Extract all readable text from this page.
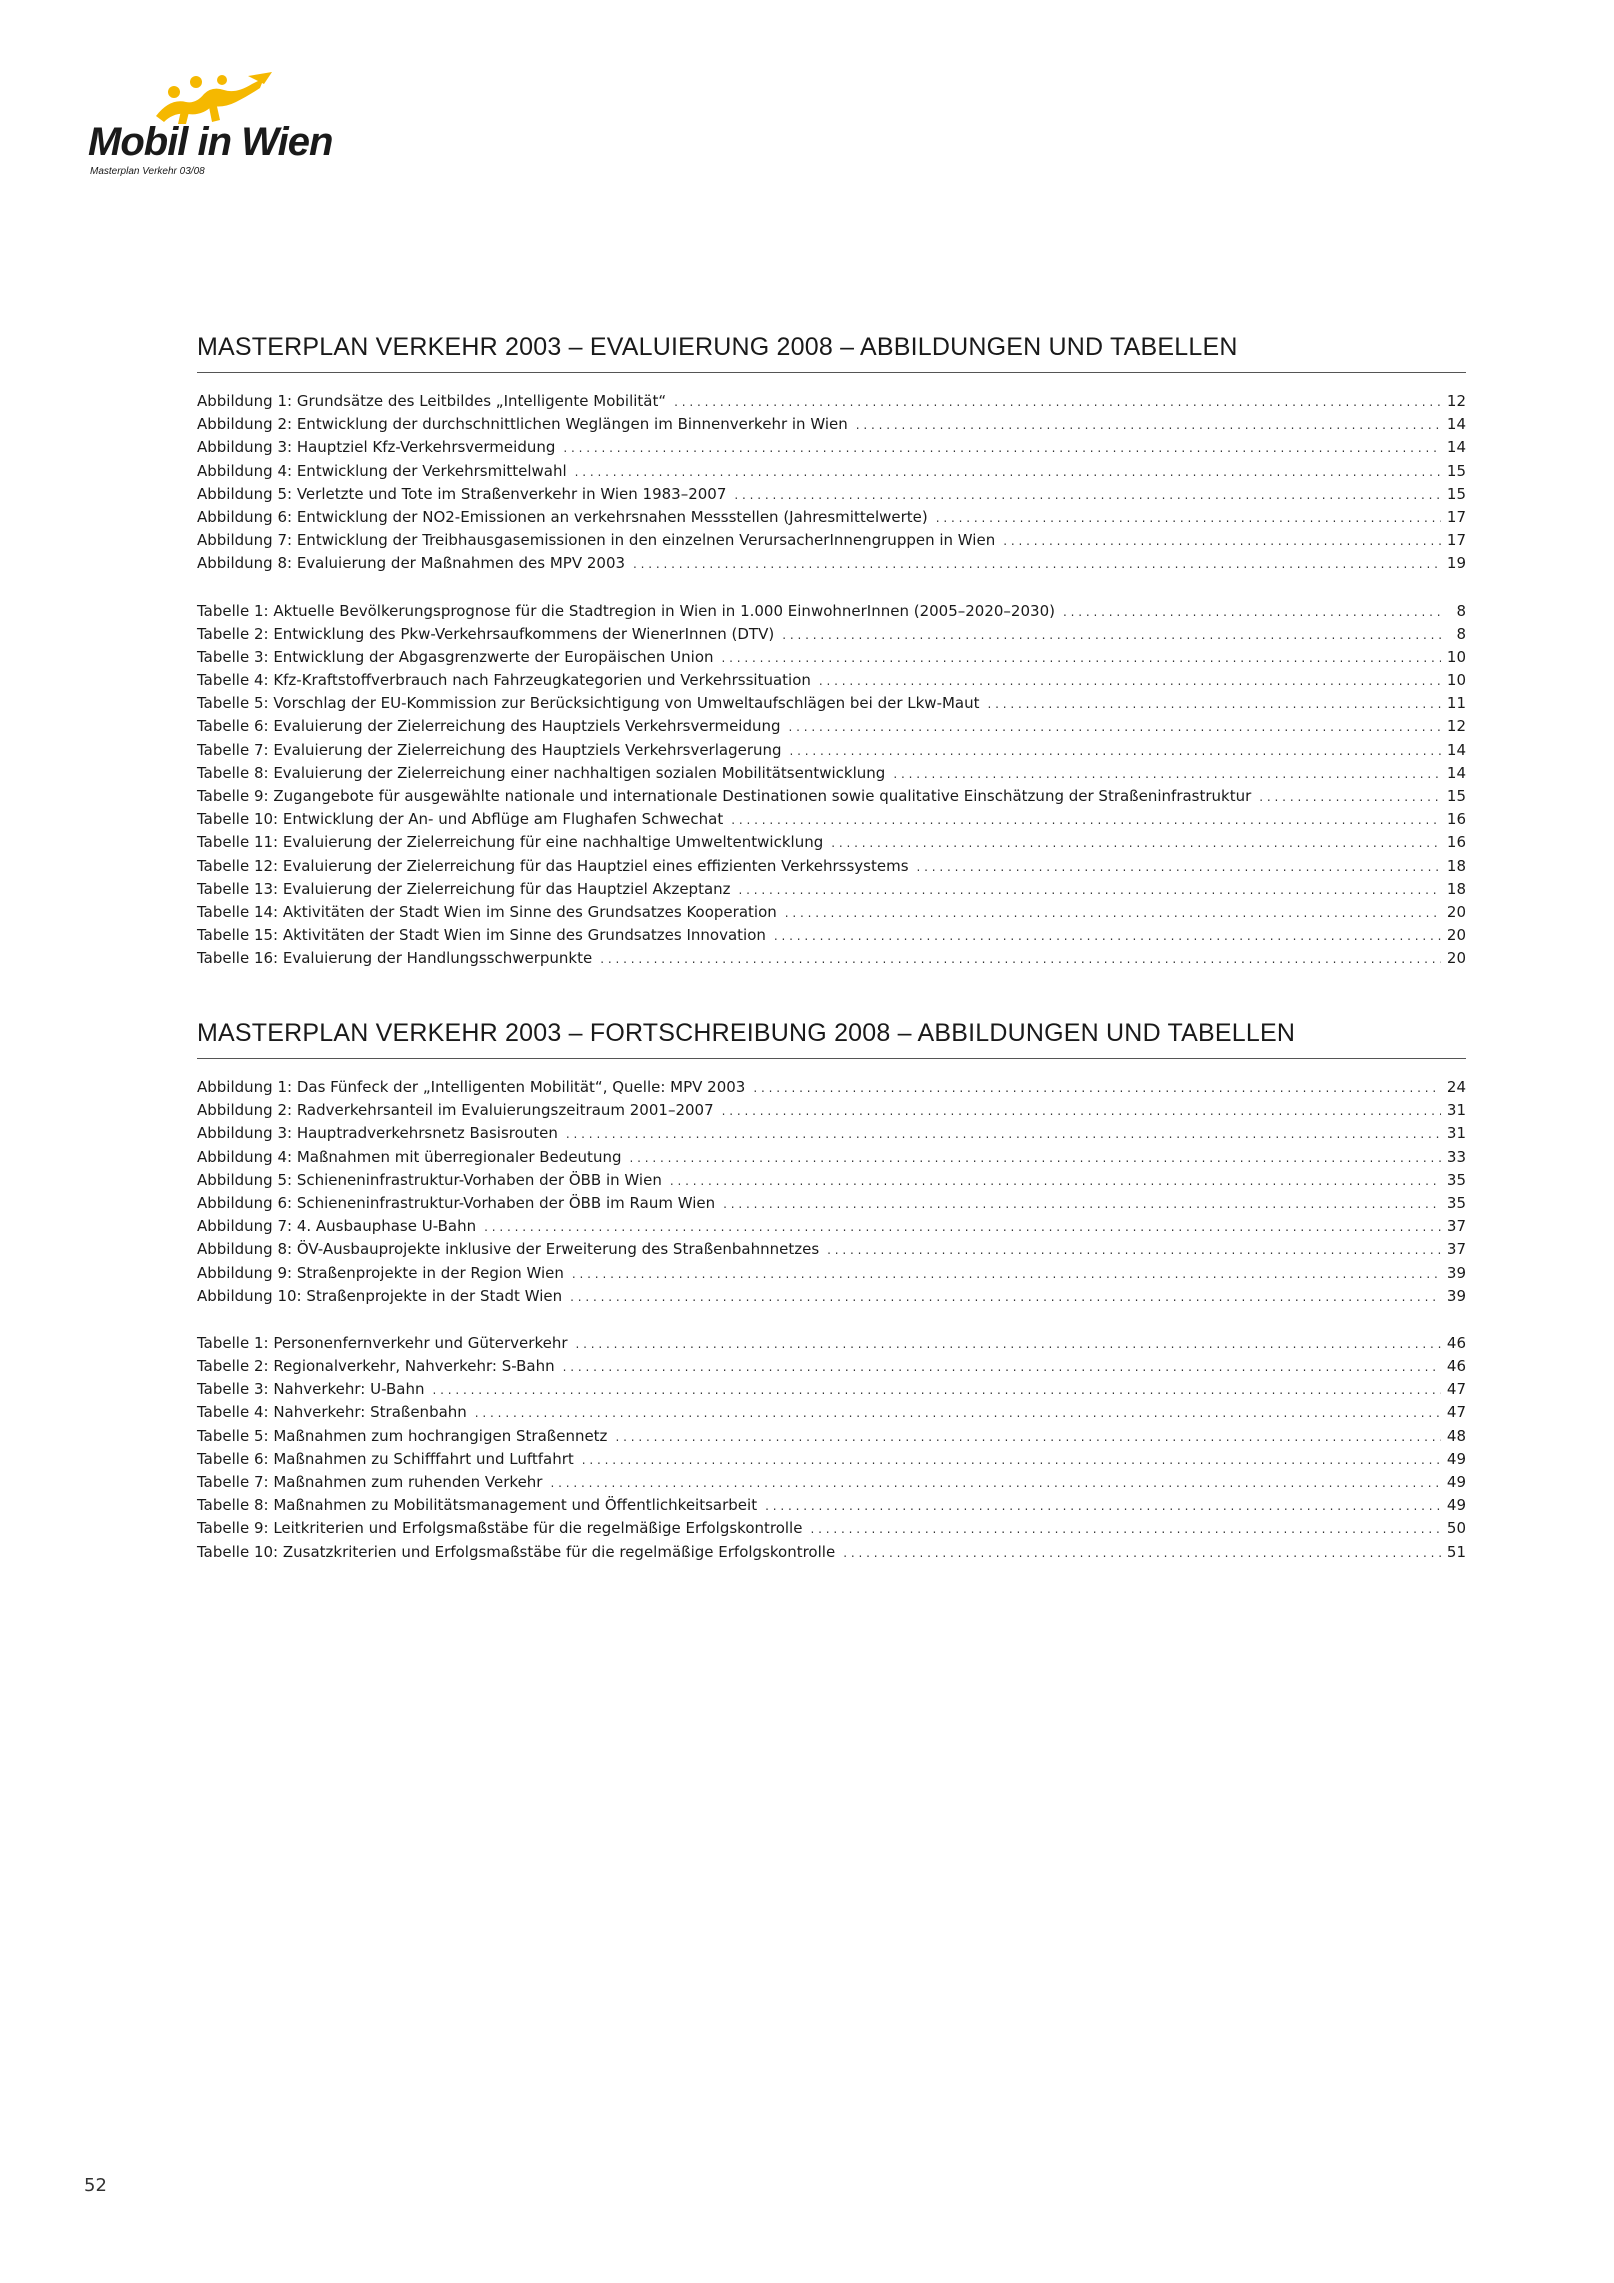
Mobil in Wien
Masterplan Verkehr 03/08
MASTERPLAN VERKEHR 2003 – EVALUIERUNG 2008 – ABBILDUNGEN UND TABELLEN
Abbildung 1: Grundsätze des Leitbildes „Intelligente Mobilität“ . . .	12
Abbildung 2: Entwicklung der durchschnittlichen Weglängen im Binnenverkehr in Wien . . .	14
Abbildung 3: Hauptziel Kfz-Verkehrsvermeidung . . .	14
Abbildung 4: Entwicklung der Verkehrsmittelwahl . . .	15
Abbildung 5: Verletzte und Tote im Straßenverkehr in Wien 1983–2007 . . .	15
Abbildung 6: Entwicklung der NO2-Emissionen an verkehrsnahen Messstellen (Jahresmittelwerte) . . .	17
Abbildung 7: Entwicklung der Treibhausgasemissionen in den einzelnen VerursacherInnengruppen in Wien . . .	17
Abbildung 8: Evaluierung der Maßnahmen des MPV 2003 . . .	19
Tabelle 1: Aktuelle Bevölkerungsprognose für die Stadtregion in Wien in 1.000 EinwohnerInnen (2005–2020–2030) . . .	8
Tabelle 2: Entwicklung des Pkw-Verkehrsaufkommens der WienerInnen (DTV) . . .	8
Tabelle 3: Entwicklung der Abgasgrenzwerte der Europäischen Union . . .	10
Tabelle 4: Kfz-Kraftstoffverbrauch nach Fahrzeugkategorien und Verkehrssituation . . .	10
Tabelle 5: Vorschlag der EU-Kommission zur Berücksichtigung von Umweltaufschlägen bei der Lkw-Maut . . .	11
Tabelle 6: Evaluierung der Zielerreichung des Hauptziels Verkehrsvermeidung . . .	12
Tabelle 7: Evaluierung der Zielerreichung des Hauptziels Verkehrsverlagerung . . .	14
Tabelle 8: Evaluierung der Zielerreichung einer nachhaltigen sozialen Mobilitätsentwicklung . . .	14
Tabelle 9: Zugangebote für ausgewählte nationale und internationale Destinationen sowie qualitative Einschätzung der Straßeninfrastruktur . . .	15
Tabelle 10: Entwicklung der An- und Abflüge am Flughafen Schwechat . . .	16
Tabelle 11: Evaluierung der Zielerreichung für eine nachhaltige Umweltentwicklung . . .	16
Tabelle 12: Evaluierung der Zielerreichung für das Hauptziel eines effizienten Verkehrssystems . . .	18
Tabelle 13: Evaluierung der Zielerreichung für das Hauptziel Akzeptanz . . .	18
Tabelle 14: Aktivitäten der Stadt Wien im Sinne des Grundsatzes Kooperation . . .	20
Tabelle 15: Aktivitäten der Stadt Wien im Sinne des Grundsatzes Innovation . . .	20
Tabelle 16: Evaluierung der Handlungsschwerpunkte . . .	20
MASTERPLAN VERKEHR 2003 – FORTSCHREIBUNG 2008 – ABBILDUNGEN UND TABELLEN
Abbildung 1: Das Fünfeck der „Intelligenten Mobilität“, Quelle: MPV 2003 . . .	24
Abbildung 2: Radverkehrsanteil im Evaluierungszeitraum 2001–2007 . . .	31
Abbildung 3: Hauptradverkehrsnetz Basisrouten . . .	31
Abbildung 4: Maßnahmen mit überregionaler Bedeutung . . .	33
Abbildung 5: Schieneninfrastruktur-Vorhaben der ÖBB in Wien . . .	35
Abbildung 6: Schieneninfrastruktur-Vorhaben der ÖBB im Raum Wien . . .	35
Abbildung 7: 4. Ausbauphase U-Bahn . . .	37
Abbildung 8: ÖV-Ausbauprojekte inklusive der Erweiterung des Straßenbahnnetzes . . .	37
Abbildung 9: Straßenprojekte in der Region Wien . . .	39
Abbildung 10: Straßenprojekte in der Stadt Wien . . .	39
Tabelle 1: Personenfernverkehr und Güterverkehr . . .	46
Tabelle 2: Regionalverkehr, Nahverkehr: S-Bahn . . .	46
Tabelle 3: Nahverkehr: U-Bahn . . .	47
Tabelle 4: Nahverkehr: Straßenbahn . . .	47
Tabelle 5: Maßnahmen zum hochrangigen Straßennetz . . .	48
Tabelle 6: Maßnahmen zu Schifffahrt und Luftfahrt . . .	49
Tabelle 7: Maßnahmen zum ruhenden Verkehr . . .	49
Tabelle 8: Maßnahmen zu Mobilitätsmanagement und Öffentlichkeitsarbeit . . .	49
Tabelle 9: Leitkriterien und Erfolgsmaßstäbe für die regelmäßige Erfolgskontrolle . . .	50
Tabelle 10: Zusatzkriterien und Erfolgsmaßstäbe für die regelmäßige Erfolgskontrolle . . .	51
52
